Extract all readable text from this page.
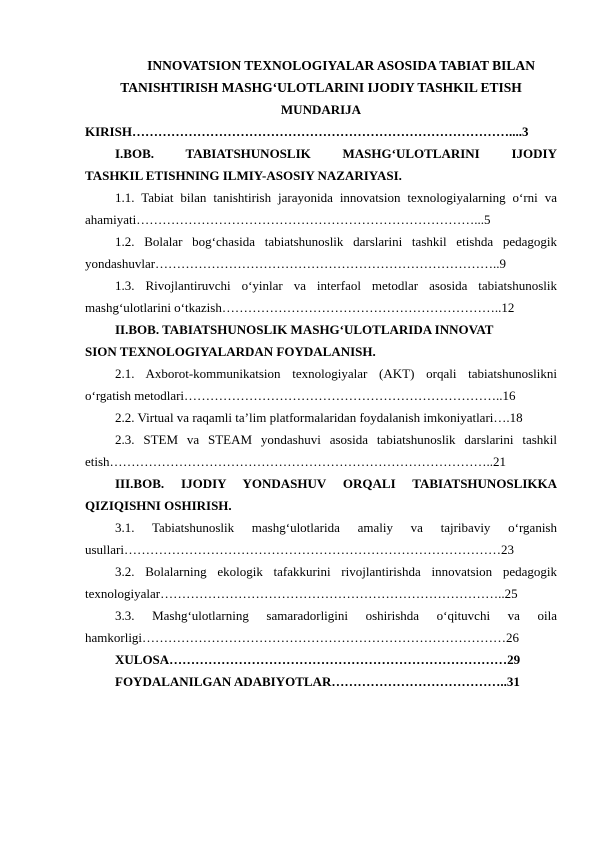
INNOVATSION TEXNOLOGIYALAR ASOSIDA TABIAT BILAN
TANISHTIRISH MASHG‘ULOTLARINI IJODIY TASHKIL ETISH
MUNDARIJA
KIRISH……………………………………………………………………………....3
I.BOB. TABIATSHUNOSLIK MASHG‘ULOTLARINI IJODIY
TASHKIL ETISHNING ILMIY-ASOSIY NAZARIYASI.
1.1. Tabiat bilan tanishtirish jarayonida innovatsion texnologiyalarning o‘rni va
ahamiyati……………………………………………………………………...5
1.2. Bolalar bog‘chasida tabiatshunoslik darslarini tashkil etishda pedagogik
yondashuvlar……………………………………………………………………..9
1.3. Rivojlantiruvchi o‘yinlar va interfaol metodlar asosida tabiatshunoslik
mashg‘ulotlarini o‘tkazish………………………………………………………..12
II.BOB. TABIATSHUNOSLIK MASHG‘ULOTLARIDA INNOVAT
SION TEXNOLOGIYALARDAN FOYDALANISH.
2.1. Axborot-kommunikatsion texnologiyalar (AKT) orqali tabiatshunoslikni
o‘rgatish metodlari………………………………………………………………..16
2.2. Virtual va raqamli ta’lim platformalaridan foydalanish imkoniyatlari….18
2.3. STEM va STEAM yondashuvi asosida tabiatshunoslik darslarini tashkil
etish……………………………………………………………………………..21
III.BOB. IJODIY YONDASHUV ORQALI TABIATSHUNOSLIKKA
QIZIQISHNI OSHIRISH.
3.1. Tabiatshunoslik mashg‘ulotlarida amaliy va tajribaviy o‘rganish
usullari……………………………………………………………………………23
3.2. Bolalarning ekologik tafakkurini rivojlantirishda innovatsion pedagogik
texnologiyalar……………………………………………………………………..25
3.3. Mashg‘ulotlarning samaradorligini oshirishda o‘qituvchi va oila
hamkorligi…………………………………………………………………………26
XULOSA……………………………………………………………………29
FOYDALANILGAN ADABIYOTLAR…………………………………..31
